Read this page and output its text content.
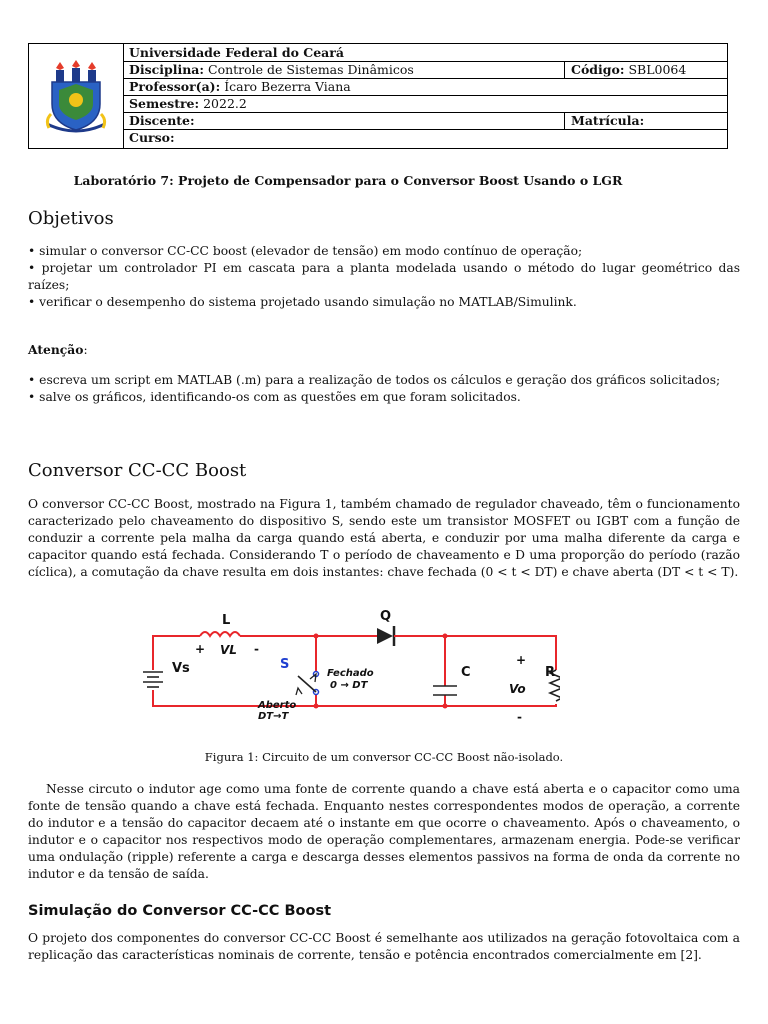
Universidade Federal do Ceará
Disciplina: Controle de Sistemas Dinâmicos	Código: SBL0064
Professor(a): Ícaro Bezerra Viana
Semestre: 2022.2
Discente:	Matrícula:
Curso:
Laboratório 7: Projeto de Compensador para o Conversor Boost Usando o LGR
Objetivos

• simular o conversor CC-CC boost (elevador de tensão) em modo contínuo de operação;

• projetar um controlador PI em cascata para a planta modelada usando o método do lugar geométrico das raízes;

• verificar o desempenho do sistema projetado usando simulação no MATLAB/Simulink.

Atenção:

• escreva um script em MATLAB (.m) para a realização de todos os cálculos e geração dos gráficos solicitados;

• salve os gráficos, identificando-os com as questões em que foram solicitados.

Conversor CC-CC Boost
O conversor CC-CC Boost, mostrado na Figura 1, também chamado de regulador chaveado, têm o funcionamento caracterizado pelo chaveamento do dispositivo S, sendo este um transistor MOSFET ou IGBT com a função de conduzir a corrente pela malha da carga quando está aberta, e conduzir por uma malha diferente da carga e capacitor quando está fechada. Considerando T o período de chaveamento e D uma proporção do período (razão cíclica), a comutação da chave resulta em dois instantes: chave fechada (0 < t < DT) e chave aberta (DT < t < T).
L	Q
+ VL -
Vs	S
Fechado
0 → DT
Aberto
DT→T
C
+
Vo
-
R
Figura 1: Circuito de um conversor CC-CC Boost não-isolado.
Nesse circuto o indutor age como uma fonte de corrente quando a chave está aberta e o capacitor como uma fonte de tensão quando a chave está fechada. Enquanto nestes correspondentes modos de operação, a corrente do indutor e a tensão do capacitor decaem até o instante em que ocorre o chaveamento. Após o chaveamento, o indutor e o capacitor nos respectivos modo de operação complementares, armazenam energia. Pode-se verificar uma ondulação (ripple) referente a carga e descarga desses elementos passivos na forma de onda da corrente no indutor e da tensão de saída.
Simulação do Conversor CC-CC Boost
O projeto dos componentes do conversor CC-CC Boost é semelhante aos utilizados na geração fotovoltaica com a replicação das características nominais de corrente, tensão e potência encontrados comercialmente em [2].
